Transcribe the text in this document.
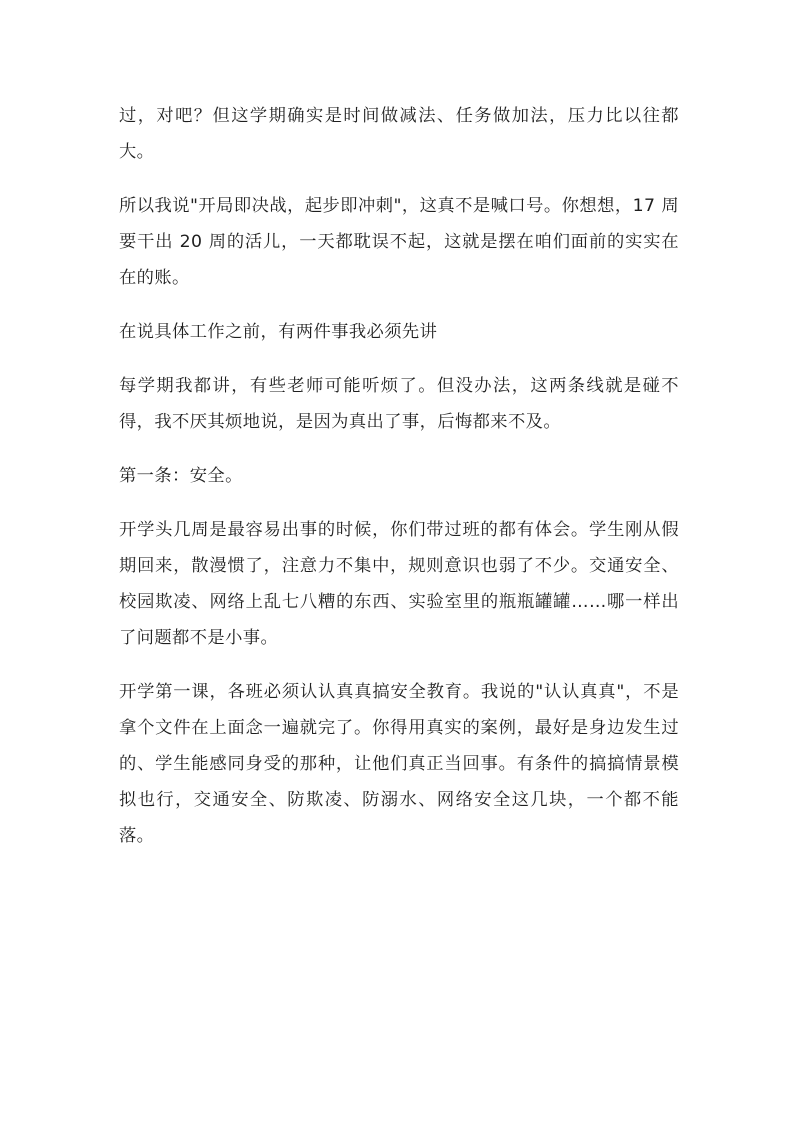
过，对吧？但这学期确实是时间做减法、任务做加法，压力比以往都大。

所以我说"开局即决战，起步即冲刺"，这真不是喊口号。你想想，17 周要干出 20 周的活儿，一天都耽误不起，这就是摆在咱们面前的实实在在的账。

在说具体工作之前，有两件事我必须先讲

每学期我都讲，有些老师可能听烦了。但没办法，这两条线就是碰不得，我不厌其烦地说，是因为真出了事，后悔都来不及。

第一条：安全。

开学头几周是最容易出事的时候，你们带过班的都有体会。学生刚从假期回来，散漫惯了，注意力不集中，规则意识也弱了不少。交通安全、校园欺凌、网络上乱七八糟的东西、实验室里的瓶瓶罐罐……哪一样出了问题都不是小事。

开学第一课，各班必须认认真真搞安全教育。我说的"认认真真"，不是拿个文件在上面念一遍就完了。你得用真实的案例，最好是身边发生过的、学生能感同身受的那种，让他们真正当回事。有条件的搞搞情景模拟也行，交通安全、防欺凌、防溺水、网络安全这几块，一个都不能落。
